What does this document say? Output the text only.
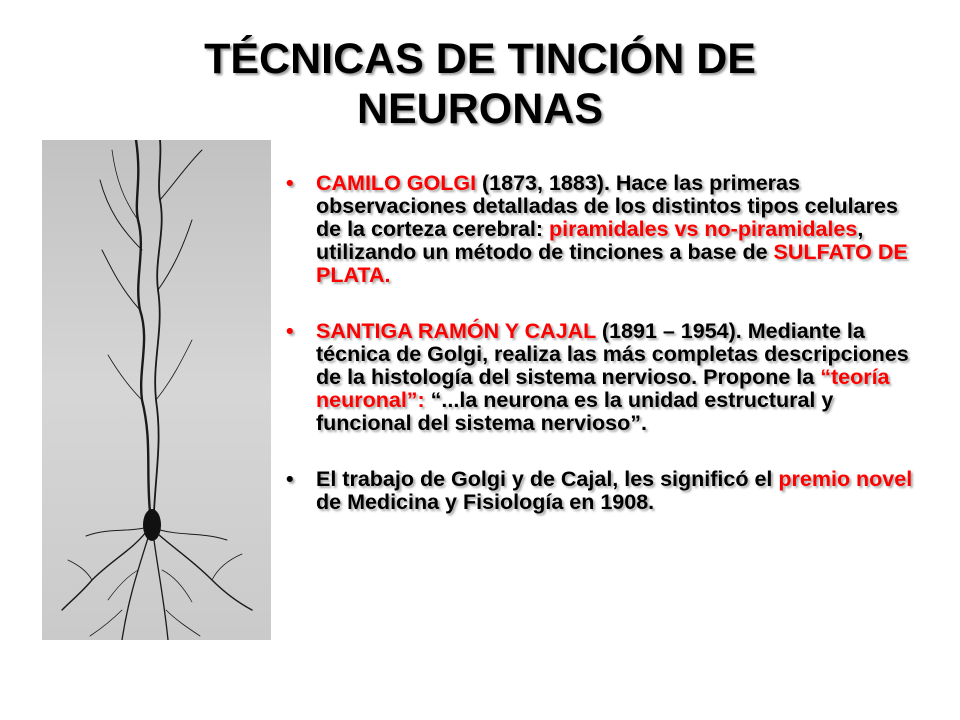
TÉCNICAS DE TINCIÓN DE
NEURONAS
• CAMILO GOLGI (1873, 1883). Hace las primeras observaciones detalladas de los distintos tipos celulares de la corteza cerebral: piramidales vs no-piramidales, utilizando un método de tinciones a base de SULFATO DE PLATA.
• SANTIGA RAMÓN Y CAJAL (1891 – 1954). Mediante la técnica de Golgi, realiza las más completas descripciones de la histología del sistema nervioso. Propone la “teoría neuronal”: “...la neurona es la unidad estructural y funcional del sistema nervioso”.
• El trabajo de Golgi y de Cajal, les significó el premio novel de Medicina y Fisiología en 1908.
